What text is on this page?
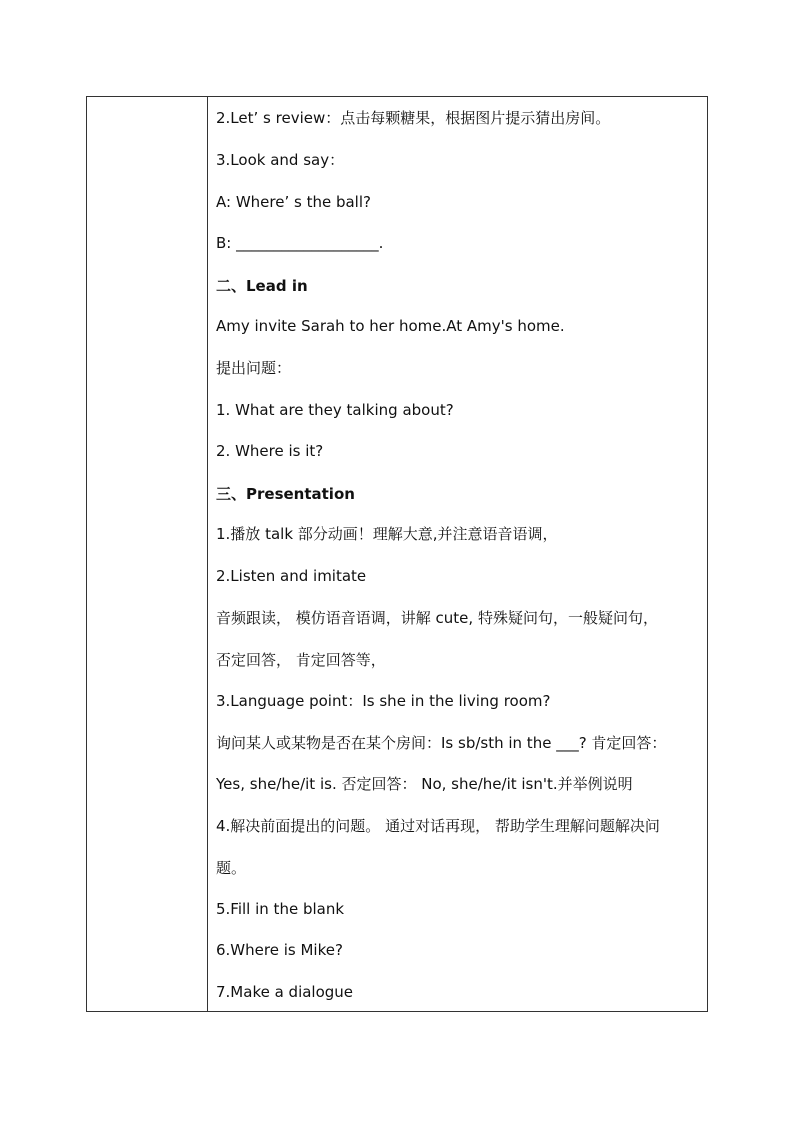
2.Let’ s review：点击每颗糖果，根据图片提示猜出房间。
3.Look and say：
A: Where’ s the ball?
B: ___________________.
二、Lead in
Amy invite Sarah to her home.At Amy's home.
提出问题：
1. What are they talking about?
2. Where is it?
三、Presentation
1.播放 talk 部分动画！理解大意,并注意语音语调，
2.Listen and imitate
音频跟读， 模仿语音语调，讲解 cute, 特殊疑问句，一般疑问句，
否定回答， 肯定回答等，
3.Language point：Is she in the living room?
询问某人或某物是否在某个房间：Is sb/sth in the ___? 肯定回答：
Yes, she/he/it is. 否定回答： No, she/he/it isn't.并举例说明
4.解决前面提出的问题。 通过对话再现， 帮助学生理解问题解决问
题。
5.Fill in the blank
6.Where is Mike?
7.Make a dialogue
